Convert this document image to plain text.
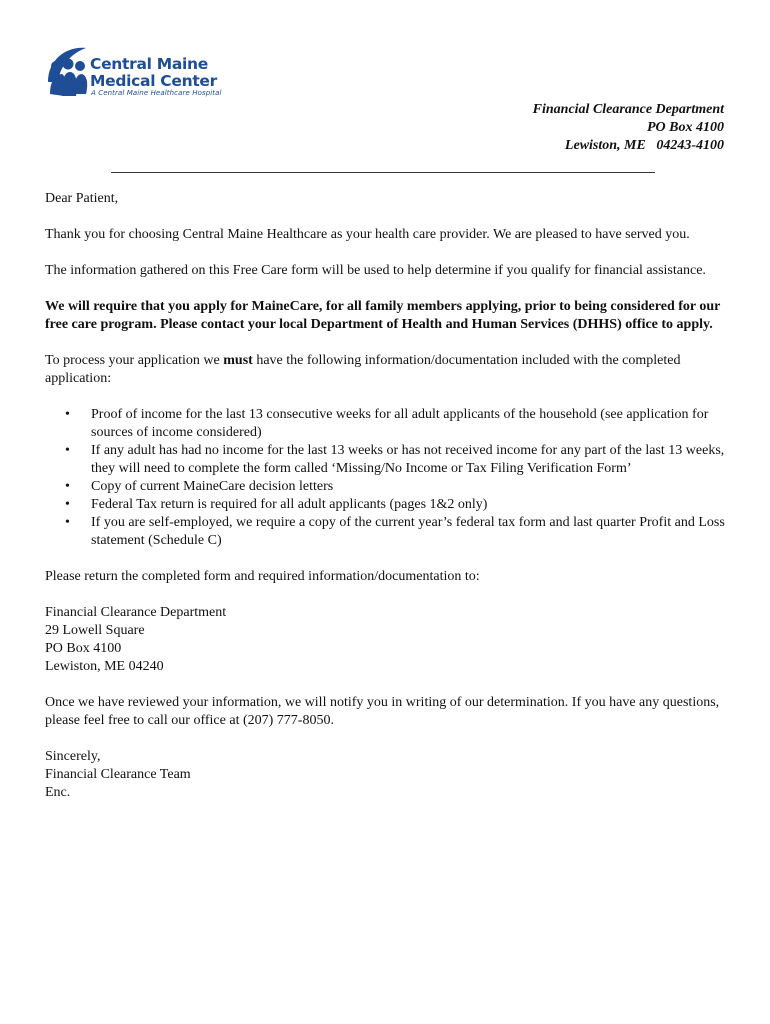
Central Maine
Medical Center
A Central Maine Healthcare Hospital
Financial Clearance Department
PO Box 4100
Lewiston, ME   04243-4100

Dear Patient,

Thank you for choosing Central Maine Healthcare as your health care provider. We are pleased to have served you.

The information gathered on this Free Care form will be used to help determine if you qualify for financial assistance.

We will require that you apply for MaineCare, for all family members applying, prior to being considered for our free care program. Please contact your local Department of Health and Human Services (DHHS) office to apply.

To process your application we must have the following information/documentation included with the completed application:

• Proof of income for the last 13 consecutive weeks for all adult applicants of the household (see application for sources of income considered)
• If any adult has had no income for the last 13 weeks or has not received income for any part of the last 13 weeks, they will need to complete the form called ‘Missing/No Income or Tax Filing Verification Form’
• Copy of current MaineCare decision letters
• Federal Tax return is required for all adult applicants (pages 1&2 only)
• If you are self-employed, we require a copy of the current year’s federal tax form and last quarter Profit and Loss statement (Schedule C)

Please return the completed form and required information/documentation to:

Financial Clearance Department
29 Lowell Square
PO Box 4100
Lewiston, ME 04240

Once we have reviewed your information, we will notify you in writing of our determination. If you have any questions, please feel free to call our office at (207) 777-8050.

Sincerely,
Financial Clearance Team
Enc.
